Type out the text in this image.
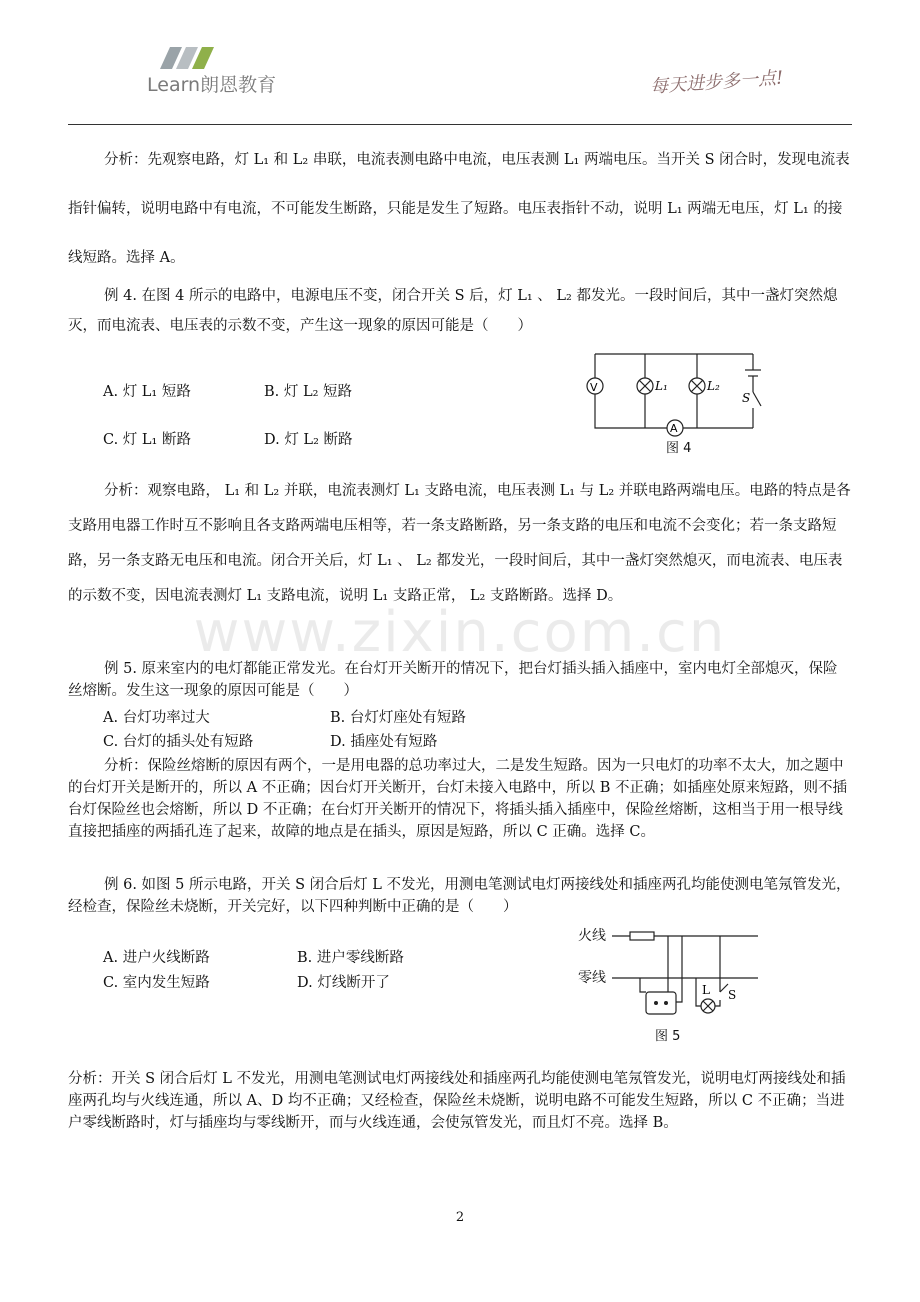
Learn朗恩教育	每天进步多一点!
www.zixin.com.cn
分析：先观察电路，灯 L₁ 和 L₂ 串联，电流表测电路中电流，电压表测 L₁ 两端电压。当开关 S 闭合时，发现电流表指针偏转，说明电路中有电流，不可能发生断路，只能是发生了短路。电压表指针不动，说明 L₁ 两端无电压，灯 L₁ 的接线短路。选择 A。
例 4. 在图 4 所示的电路中，电源电压不变，闭合开关 S 后，灯 L₁ 、 L₂ 都发光。一段时间后，其中一盏灯突然熄灭，而电流表、电压表的示数不变，产生这一现象的原因可能是（　　）
A. 灯 L₁ 短路	B. 灯 L₂ 短路
C. 灯 L₁ 断路	D. 灯 L₂ 断路
V	L₁	L₂
A
S
图 4
分析：观察电路， L₁ 和 L₂ 并联，电流表测灯 L₁ 支路电流，电压表测 L₁ 与 L₂ 并联电路两端电压。电路的特点是各支路用电器工作时互不影响且各支路两端电压相等，若一条支路断路，另一条支路的电压和电流不会变化；若一条支路短路，另一条支路无电压和电流。闭合开关后，灯 L₁ 、 L₂ 都发光，一段时间后，其中一盏灯突然熄灭，而电流表、电压表的示数不变，因电流表测灯 L₁ 支路电流，说明 L₁ 支路正常， L₂ 支路断路。选择 D。
例 5. 原来室内的电灯都能正常发光。在台灯开关断开的情况下，把台灯插头插入插座中，室内电灯全部熄灭，保险丝熔断。发生这一现象的原因可能是（　　）
A. 台灯功率过大	B. 台灯灯座处有短路
C. 台灯的插头处有短路	D. 插座处有短路
分析：保险丝熔断的原因有两个，一是用电器的总功率过大，二是发生短路。因为一只电灯的功率不太大，加之题中的台灯开关是断开的，所以 A 不正确；因台灯开关断开，台灯未接入电路中，所以 B 不正确；如插座处原来短路，则不插台灯保险丝也会熔断，所以 D 不正确；在台灯开关断开的情况下，将插头插入插座中，保险丝熔断，这相当于用一根导线直接把插座的两插孔连了起来，故障的地点是在插头，原因是短路，所以 C 正确。选择 C。
例 6. 如图 5 所示电路，开关 S 闭合后灯 L 不发光，用测电笔测试电灯两接线处和插座两孔均能使测电笔氖管发光，经检查，保险丝未烧断，开关完好，以下四种判断中正确的是（　　）
A. 进户火线断路	B. 进户零线断路
C. 室内发生短路	D. 灯线断开了
火线
零线
L S
图 5
分析：开关 S 闭合后灯 L 不发光，用测电笔测试电灯两接线处和插座两孔均能使测电笔氖管发光，说明电灯两接线处和插座两孔均与火线连通，所以 A、D 均不正确；又经检查，保险丝未烧断，说明电路不可能发生短路，所以 C 不正确；当进户零线断路时，灯与插座均与零线断开，而与火线连通，会使氖管发光，而且灯不亮。选择 B。
2
